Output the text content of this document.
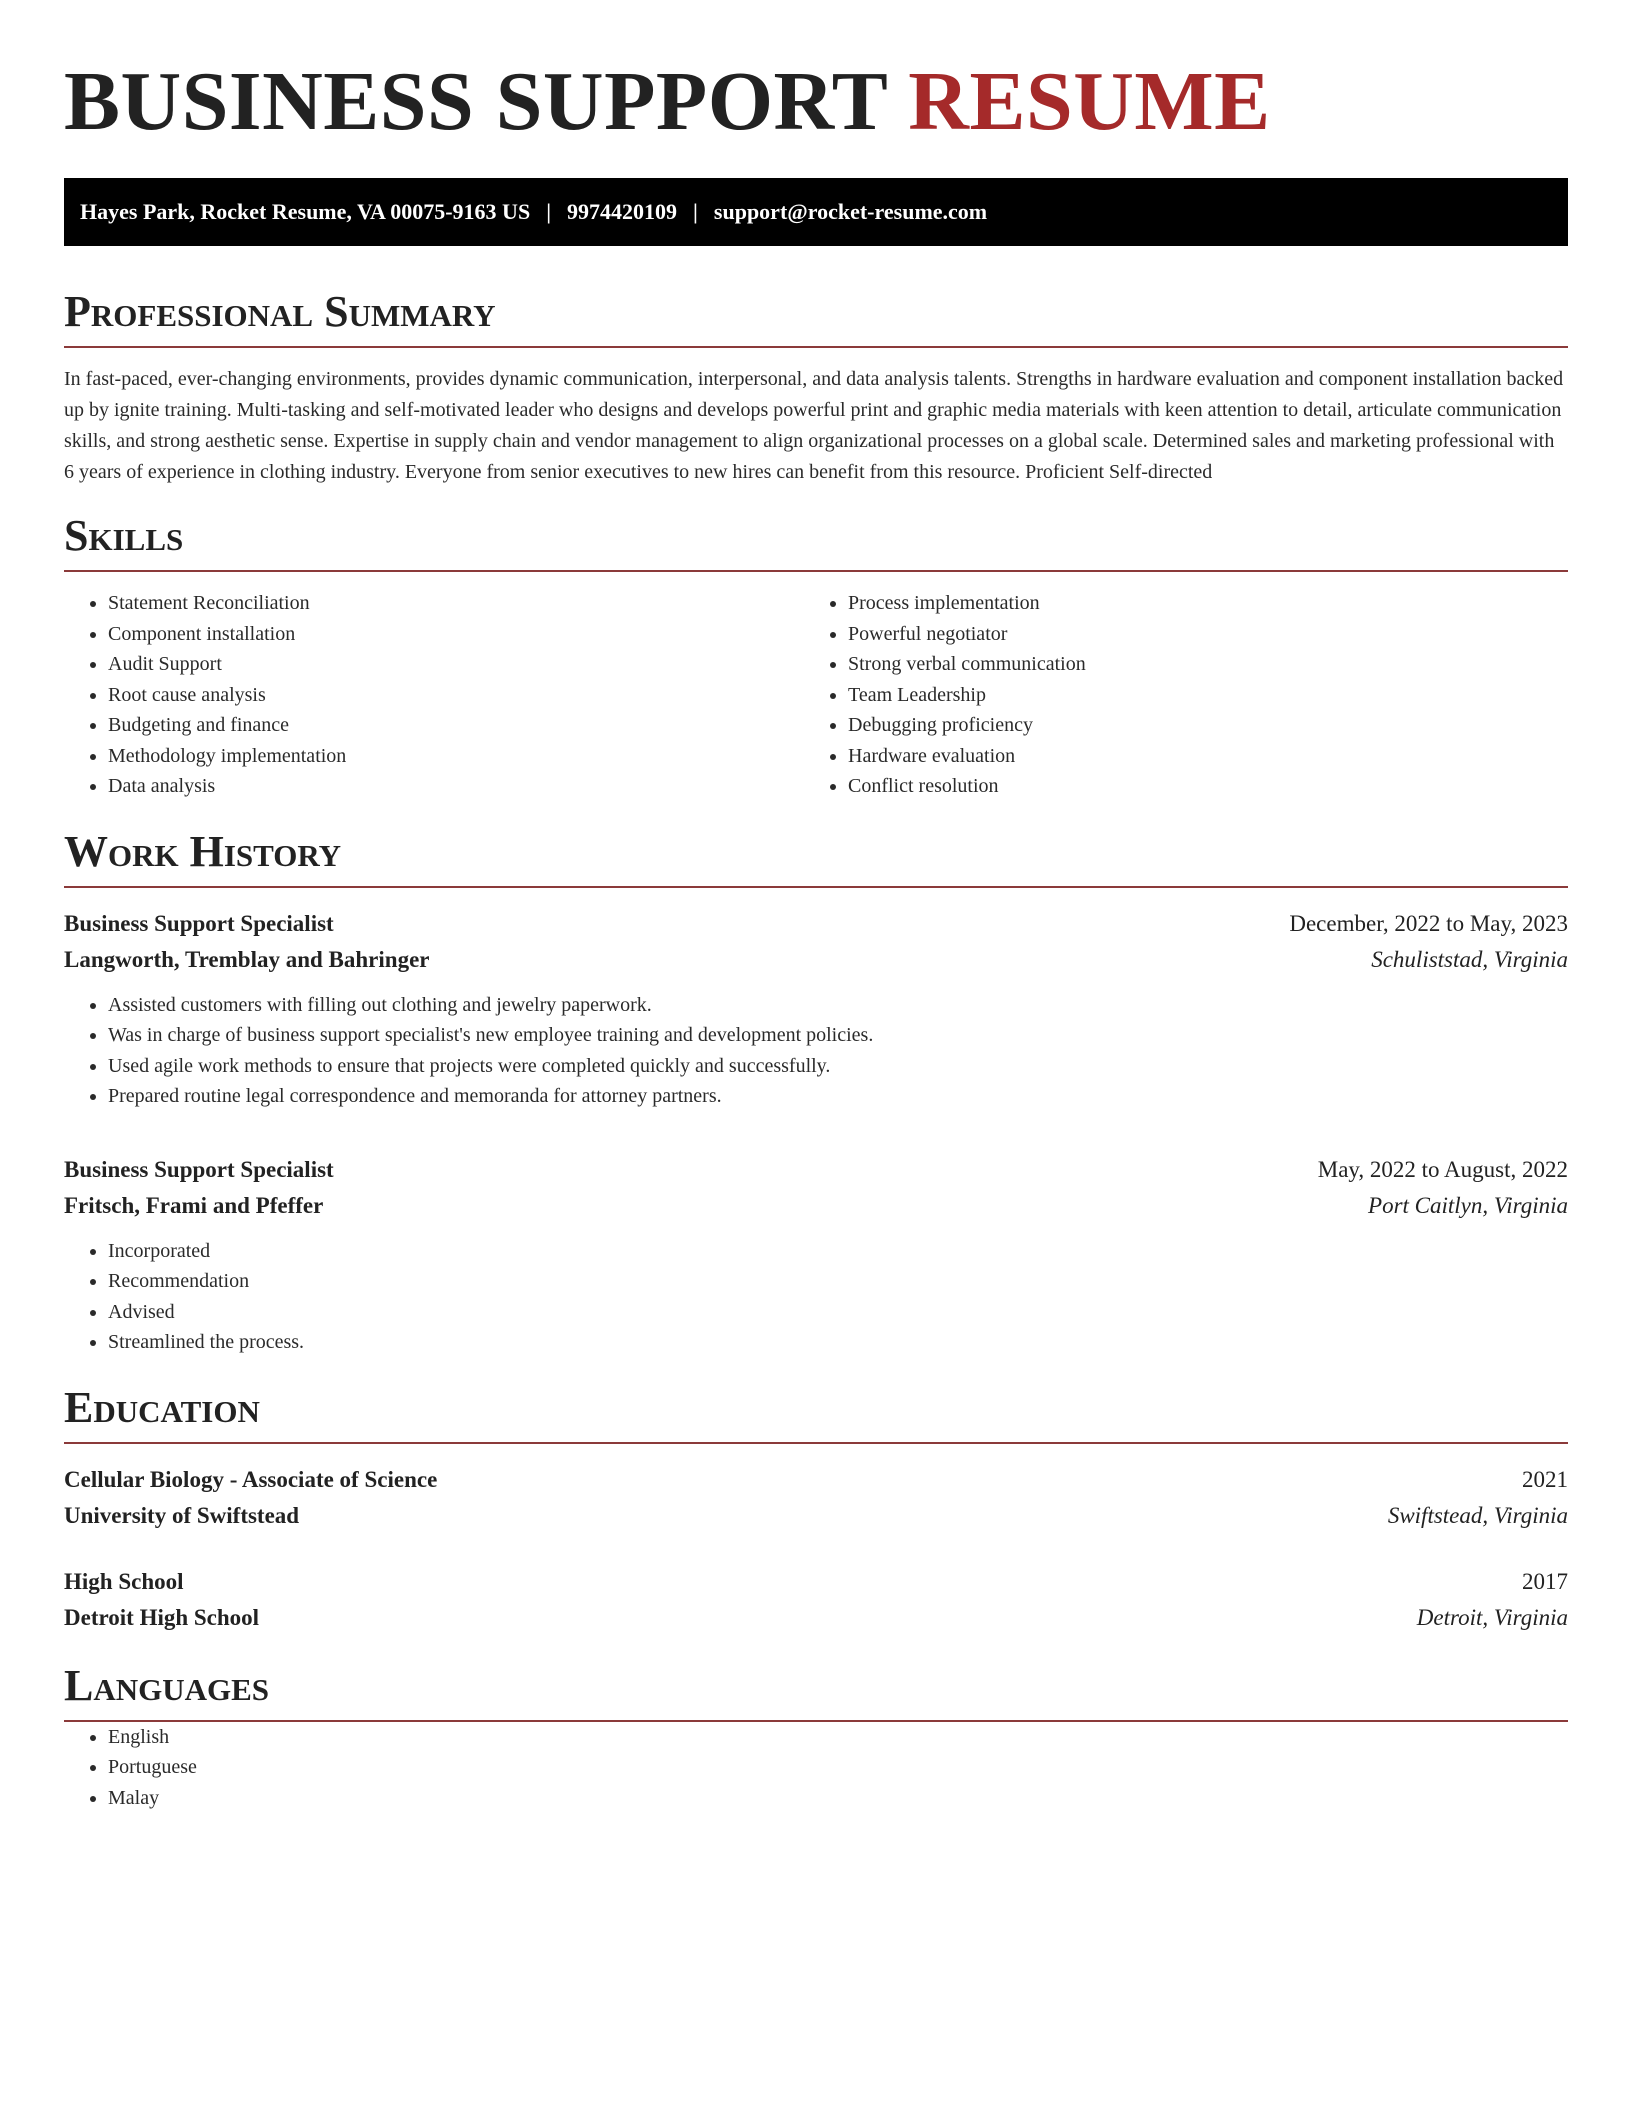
BUSINESS SUPPORT RESUME
Hayes Park, Rocket Resume, VA 00075-9163 US | 9974420109 | support@rocket-resume.com
Professional Summary

In fast-paced, ever-changing environments, provides dynamic communication, interpersonal, and data analysis talents. Strengths in hardware evaluation and component installation backed up by ignite training. Multi-tasking and self-motivated leader who designs and develops powerful print and graphic media materials with keen attention to detail, articulate communication skills, and strong aesthetic sense. Expertise in supply chain and vendor management to align organizational processes on a global scale. Determined sales and marketing professional with 6 years of experience in clothing industry. Everyone from senior executives to new hires can benefit from this resource. Proficient Self-directed

Skills
• Statement Reconciliation
• Component installation
• Audit Support
• Root cause analysis
• Budgeting and finance
• Methodology implementation
• Data analysis
• Process implementation
• Powerful negotiator
• Strong verbal communication
• Team Leadership
• Debugging proficiency
• Hardware evaluation
• Conflict resolution
Work History
Business Support Specialist	December, 2022 to May, 2023
Langworth, Tremblay and Bahringer	Schuliststad, Virginia
• Assisted customers with filling out clothing and jewelry paperwork.
• Was in charge of business support specialist's new employee training and development policies.
• Used agile work methods to ensure that projects were completed quickly and successfully.
• Prepared routine legal correspondence and memoranda for attorney partners.
Business Support Specialist	May, 2022 to August, 2022
Fritsch, Frami and Pfeffer	Port Caitlyn, Virginia
• Incorporated
• Recommendation
• Advised
• Streamlined the process.
Education
Cellular Biology - Associate of Science	2021
University of Swiftstead	Swiftstead, Virginia
High School	2017
Detroit High School	Detroit, Virginia
Languages
• English
• Portuguese
• Malay
